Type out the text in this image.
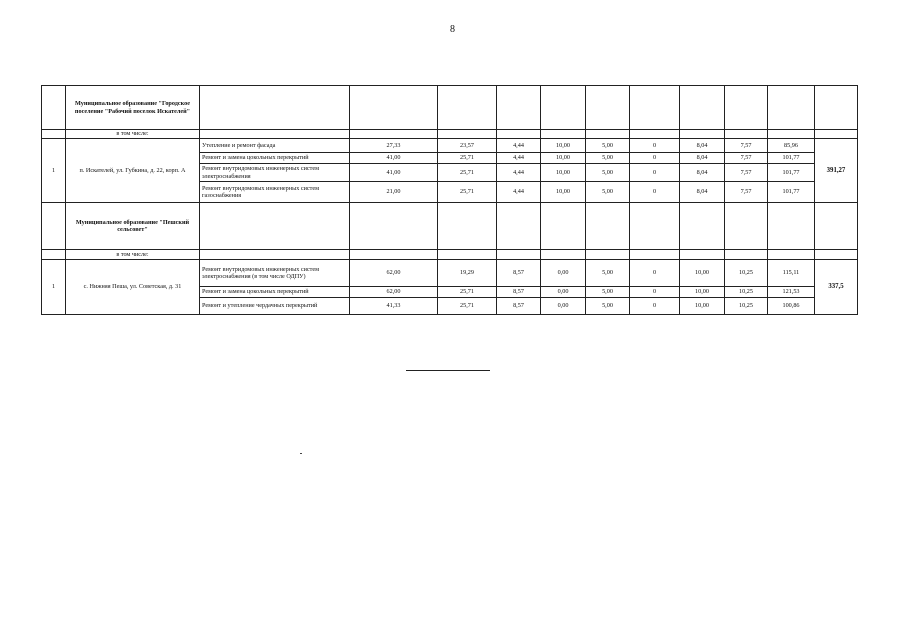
8
	Муниципальное образование "Городское поселение "Рабочий поселок Искателей"											
	в том числе:											
1	п. Искателей, ул. Губкина, д. 22, корп. А	Утепление и ремонт фасада	27,33	23,57	4,44	10,00	5,00	0	8,04	7,57	85,96	391,27
		Ремонт и замена цокольных перекрытий	41,00	25,71	4,44	10,00	5,00	0	8,04	7,57	101,77	
		Ремонт внутридомовых инженерных систем электроснабжения	41,00	25,71	4,44	10,00	5,00	0	8,04	7,57	101,77	
		Ремонт внутридомовых инженерных систем газоснабжения	21,00	25,71	4,44	10,00	5,00	0	8,04	7,57	101,77	
	Муниципальное образование "Пешский сельсовет"											
	в том числе:											
1	с. Нижняя Пеша, ул. Советская, д. 31	Ремонт внутридомовых инженерных систем электроснабжения (в том числе ОДПУ)	62,00	19,29	8,57	0,00	5,00	0	10,00	10,25	115,11	337,5
		Ремонт и замена цокольных перекрытий	62,00	25,71	8,57	0,00	5,00	0	10,00	10,25	121,53	
		Ремонт и утепление чердачных перекрытий	41,33	25,71	8,57	0,00	5,00	0	10,00	10,25	100,86	
